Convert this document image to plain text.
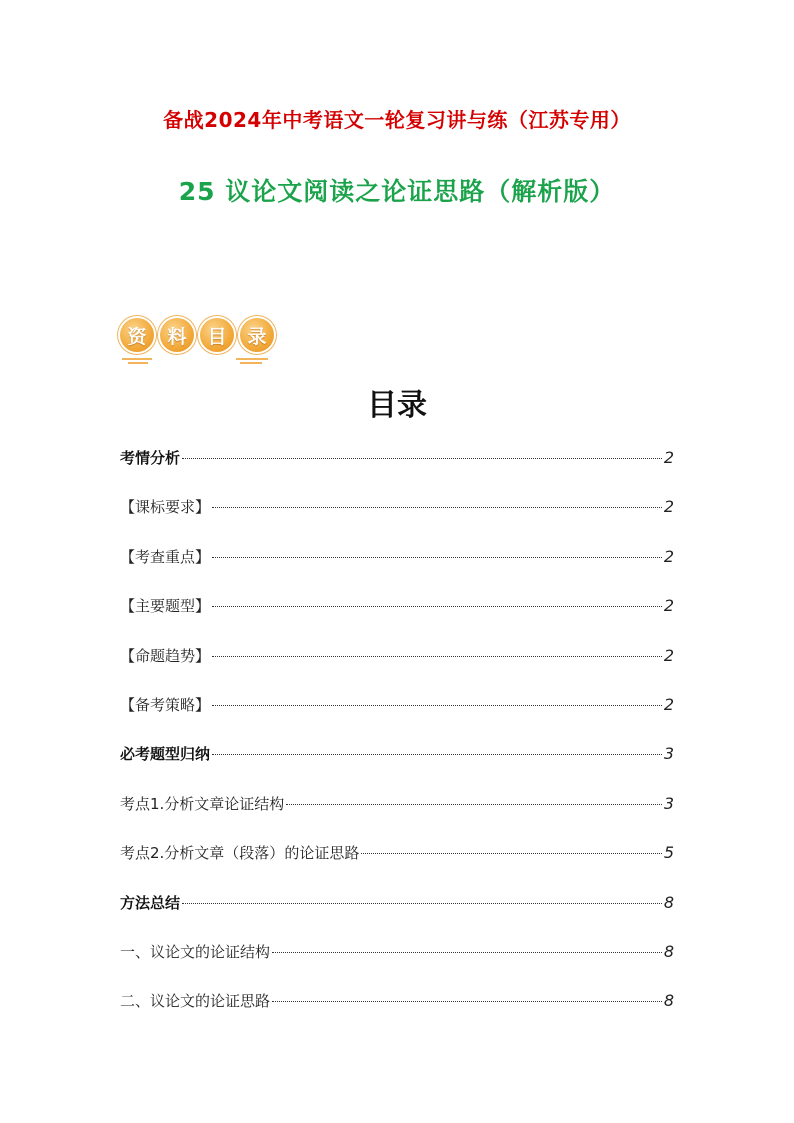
备战2024年中考语文一轮复习讲与练（江苏专用）
25 议论文阅读之论证思路（解析版）
资	料	目	录
目录
考情分析	2
【课标要求】	2
【考查重点】	2
【主要题型】	2
【命题趋势】	2
【备考策略】	2
必考题型归纳	3
考点1.分析文章论证结构	3
考点2.分析文章（段落）的论证思路	5
方法总结	8
一、议论文的论证结构	8
二、议论文的论证思路	8
